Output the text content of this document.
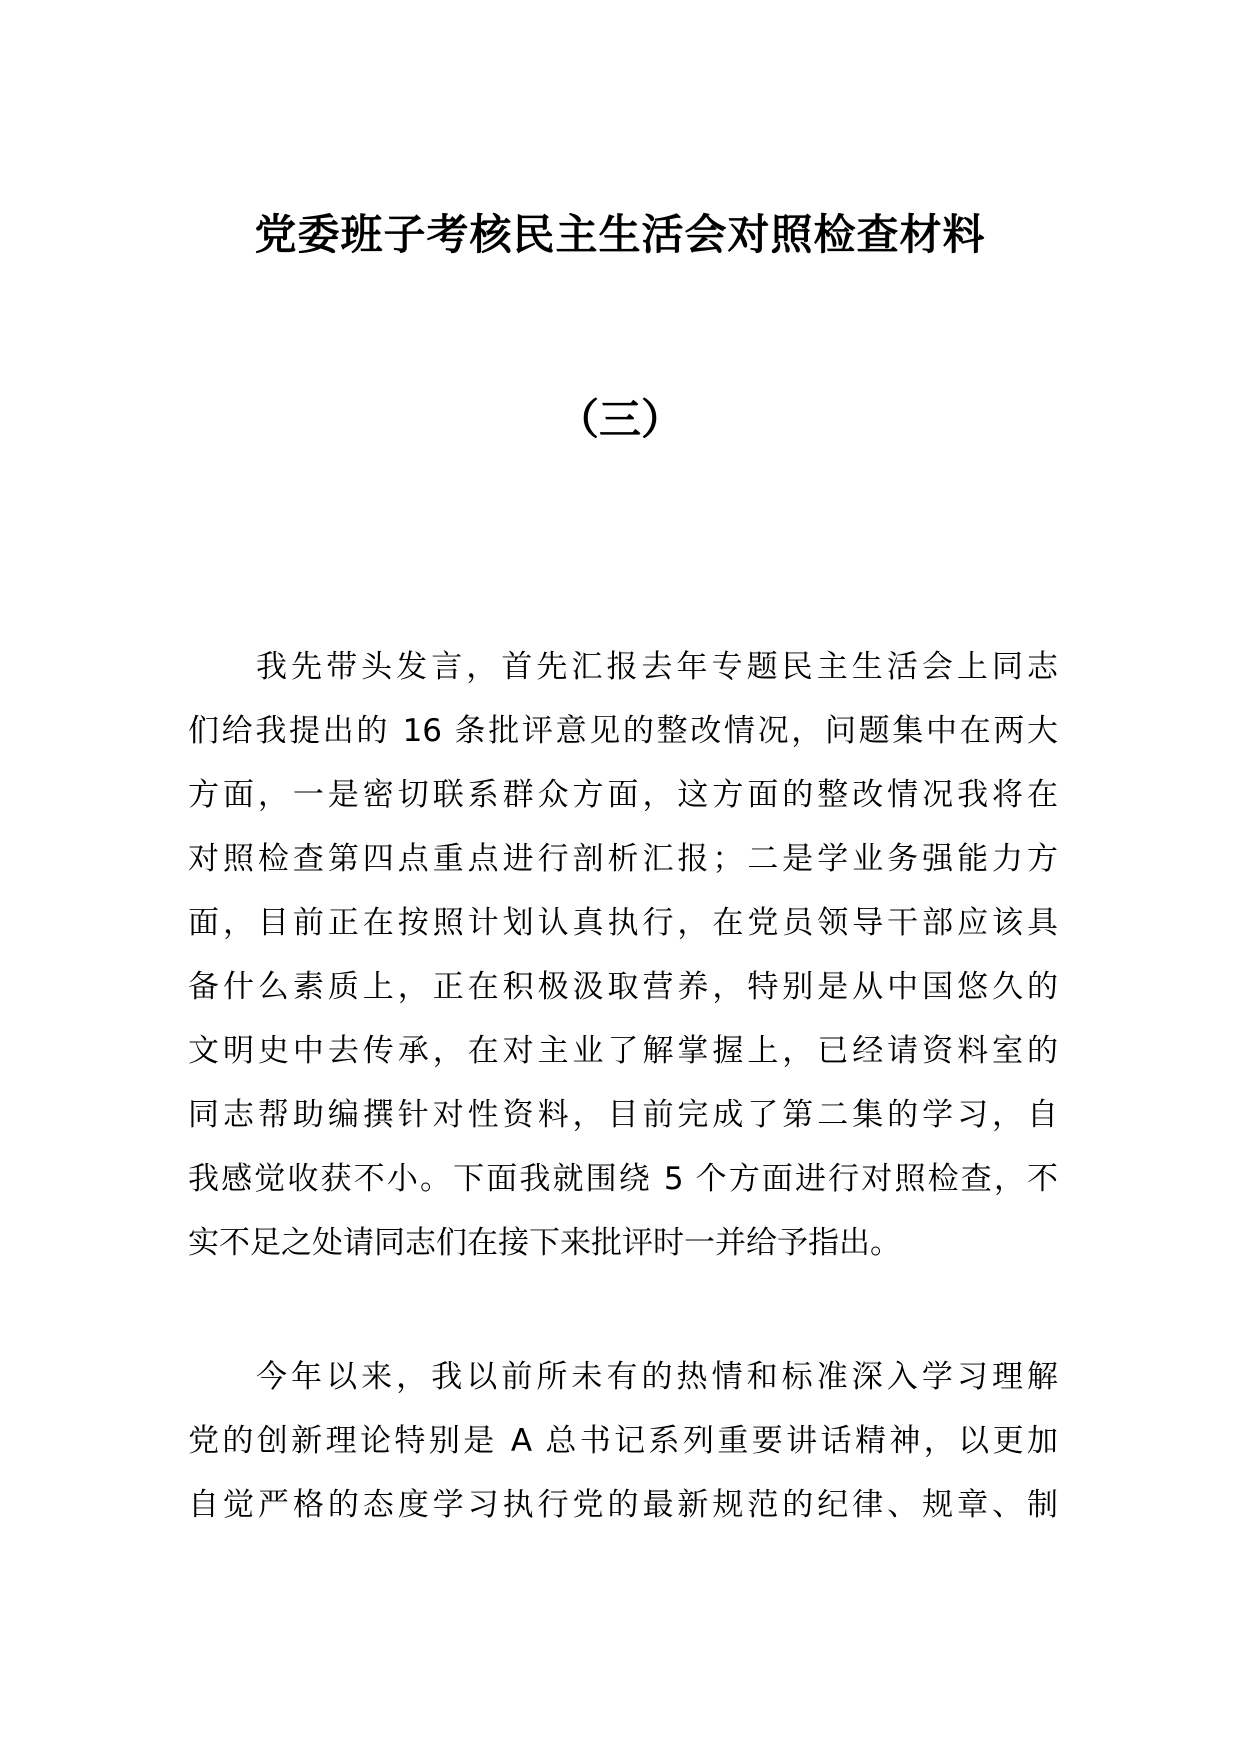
党委班子考核民主生活会对照检查材料
（三）
我先带头发言，首先汇报去年专题民主生活会上同志
们给我提出的 16 条批评意见的整改情况，问题集中在两大
方面，一是密切联系群众方面，这方面的整改情况我将在
对照检查第四点重点进行剖析汇报；二是学业务强能力方
面，目前正在按照计划认真执行，在党员领导干部应该具
备什么素质上，正在积极汲取营养，特别是从中国悠久的
文明史中去传承，在对主业了解掌握上，已经请资料室的
同志帮助编撰针对性资料，目前完成了第二集的学习，自
我感觉收获不小。下面我就围绕 5 个方面进行对照检查，不
实不足之处请同志们在接下来批评时一并给予指出。
今年以来，我以前所未有的热情和标准深入学习理解
党的创新理论特别是 A 总书记系列重要讲话精神，以更加
自觉严格的态度学习执行党的最新规范的纪律、规章、制
